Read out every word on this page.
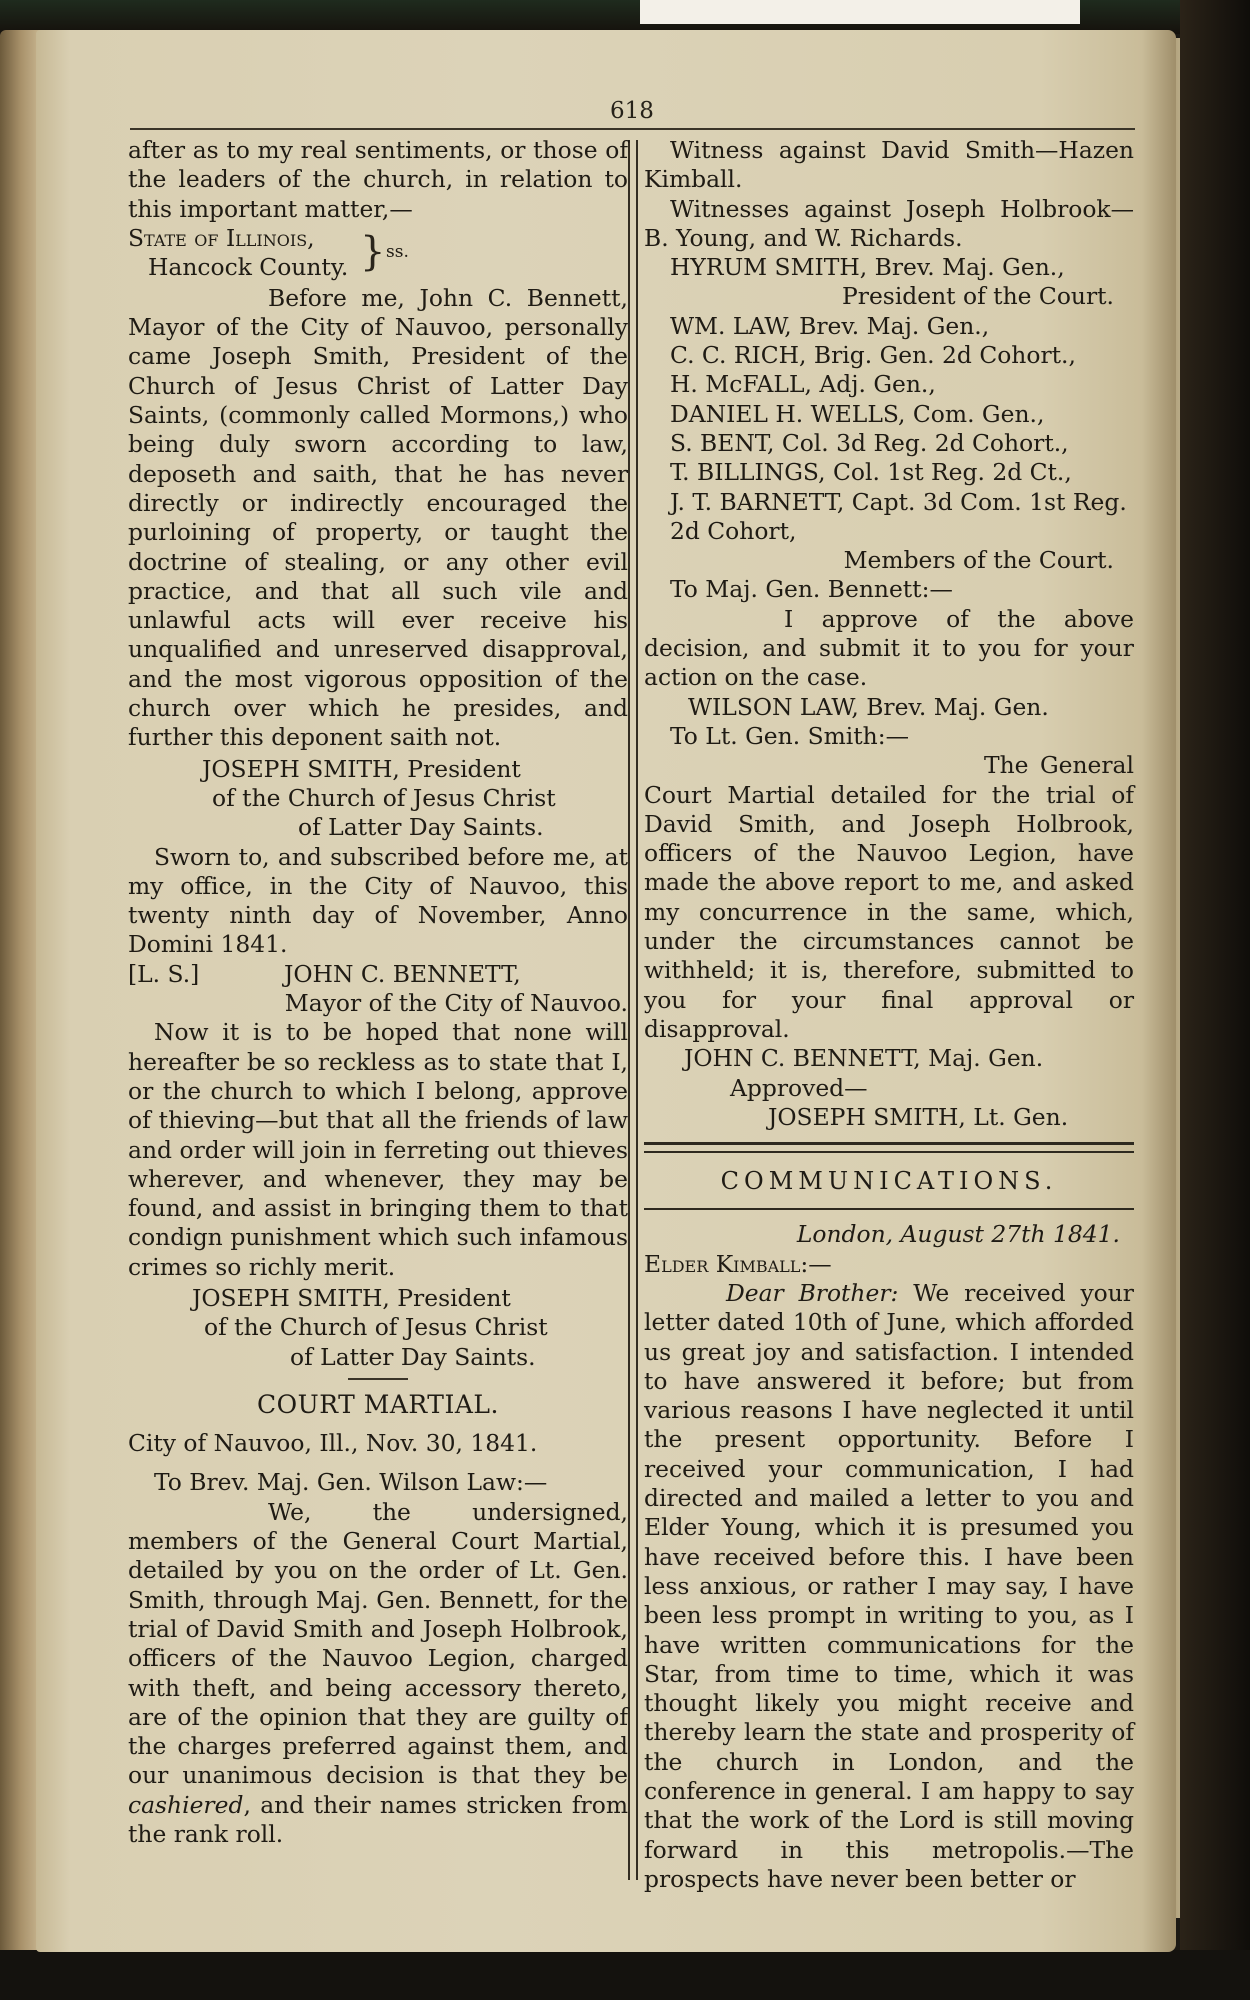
618

after as to my real sentiments, or those of the leaders of the church, in relation to this important matter,—

State of Illinois,
Hancock County. } ss.

Before me, John C. Bennett, Mayor of the City of Nauvoo, personally came Joseph Smith, President of the Church of Jesus Christ of Latter Day Saints, (commonly called Mormons,) who being duly sworn according to law, deposeth and saith, that he has never directly or indirectly encouraged the purloining of property, or taught the doctrine of stealing, or any other evil practice, and that all such vile and unlawful acts will ever receive his unqualified and unreserved disapproval, and the most vigorous opposition of the church over which he presides, and further this deponent saith not.

JOSEPH SMITH, President

of the Church of Jesus Christ

of Latter Day Saints.

Sworn to, and subscribed before me, at my office, in the City of Nauvoo, this twenty ninth day of November, Anno Domini 1841.

[L. S.]	JOHN C. BENNETT,

Mayor of the City of Nauvoo.

Now it is to be hoped that none will hereafter be so reckless as to state that I, or the church to which I belong, approve of thieving—but that all the friends of law and order will join in ferreting out thieves wherever, and whenever, they may be found, and assist in bringing them to that condign punishment which such infamous crimes so richly merit.

JOSEPH SMITH, President

of the Church of Jesus Christ

of Latter Day Saints.

COURT MARTIAL.

City of Nauvoo, Ill., Nov. 30, 1841.

To Brev. Maj. Gen. Wilson Law:—

We, the undersigned, members of the General Court Martial, detailed by you on the order of Lt. Gen. Smith, through Maj. Gen. Bennett, for the trial of David Smith and Joseph Holbrook, officers of the Nauvoo Legion, charged with theft, and being accessory thereto, are of the opinion that they are guilty of the charges preferred against them, and our unanimous decision is that they be cashiered, and their names stricken from the rank roll.

Witness against David Smith—Hazen Kimball.

Witnesses against Joseph Holbrook—B. Young, and W. Richards.

HYRUM SMITH, Brev. Maj. Gen.,

President of the Court.

WM. LAW, Brev. Maj. Gen.,

C. C. RICH, Brig. Gen. 2d Cohort.,

H. McFALL, Adj. Gen.,

DANIEL H. WELLS, Com. Gen.,

S. BENT, Col. 3d Reg. 2d Cohort.,

T. BILLINGS, Col. 1st Reg. 2d Ct.,

J. T. BARNETT, Capt. 3d Com. 1st Reg. 2d Cohort,

Members of the Court.

To Maj. Gen. Bennett:—

I approve of the above decision, and submit it to you for your action on the case.

WILSON LAW, Brev. Maj. Gen.

To Lt. Gen. Smith:—

The General Court Martial detailed for the trial of David Smith, and Joseph Holbrook, officers of the Nauvoo Legion, have made the above report to me, and asked my concurrence in the same, which, under the circumstances cannot be withheld; it is, therefore, submitted to you for your final approval or disapproval.

JOHN C. BENNETT, Maj. Gen.

Approved—

JOSEPH SMITH, Lt. Gen.

COMMUNICATIONS.

London, August 27th 1841.

Elder Kimball:—

Dear Brother: We received your letter dated 10th of June, which afforded us great joy and satisfaction. I intended to have answered it before; but from various reasons I have neglected it until the present opportunity. Before I received your communication, I had directed and mailed a letter to you and Elder Young, which it is presumed you have received before this. I have been less anxious, or rather I may say, I have been less prompt in writing to you, as I have written communications for the Star, from time to time, which it was thought likely you might receive and thereby learn the state and prosperity of the church in London, and the conference in general. I am happy to say that the work of the Lord is still moving forward in this metropolis.—The prospects have never been better or
